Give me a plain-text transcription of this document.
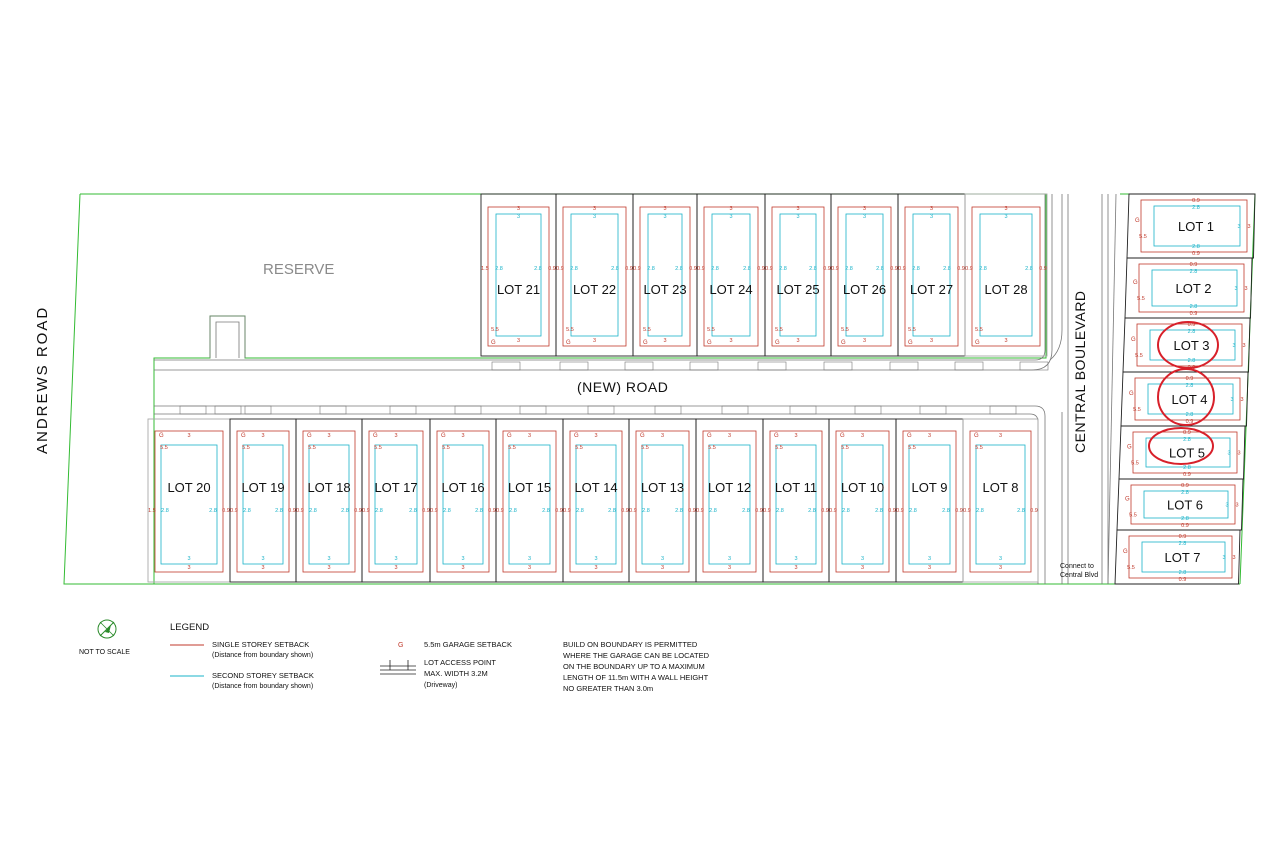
LOT 21
3
3
1.5	0.9
2.8	2.8
5.5
3
G
LOT 22
3
3
0.9	0.9
2.8	2.8
5.5
3
G
LOT 23
3
3
0.9	0.9
2.8	2.8
5.5
3
G
LOT 24
3
3
0.9	0.9
2.8	2.8
5.5
3
G
LOT 25
3
3
0.9	0.9
2.8	2.8
5.5
3
G
LOT 26
3
3
0.9	0.9
2.8	2.8
5.5
3
G
LOT 27
3
3
0.9	0.9
2.8	2.8
5.5
3
G
LOT 28
3
3
0.9	0.9
2.8	2.8
5.5
3
G
LOT 20
G	3
5.5
1.5	0.9
2.8	2.8
3
3
LOT 19
G	3
5.5
0.9	0.9
2.8	2.8
3
3
LOT 18
G	3
5.5
0.9	0.9
2.8	2.8
3
3
LOT 17
G	3
5.5
0.9	0.9
2.8	2.8
3
3
LOT 16
G	3
5.5
0.9	0.9
2.8	2.8
3
3
LOT 15
G	3
5.5
0.9	0.9
2.8	2.8
3
3
LOT 14
G	3
5.5
0.9	0.9
2.8	2.8
3
3
LOT 13
G	3
5.5
0.9	0.9
2.8	2.8
3
3
LOT 12
G	3
5.5
0.9	0.9
2.8	2.8
3
3
LOT 11
G	3
5.5
0.9	0.9
2.8	2.8
3
3
LOT 10
G	3
5.5
0.9	0.9
2.8	2.8
3
3
LOT 9
G	3
5.5
0.9	0.9
2.8	2.8
3
3
LOT 8
G	3
5.5
0.9	0.9
2.8	2.8
3
3
LOT 1
0.9
0.9
2.8
2.8
3
3
5.5
G
LOT 2
0.9
0.9
2.8
2.8
3
3
5.5
G
LOT 3
0.9
0.9
2.8
2.8
3
3
5.5
G
LOT 4
0.9
0.9
2.8
2.8
3
3
5.5
G
LOT 5
0.9
0.9
2.8
2.8
3
3
5.5
G
LOT 6
0.9
0.9
2.8
2.8
3
3
5.5
G
LOT 7
0.9
0.9
2.8
2.8
3
3
5.5
G
RESERVE
ANDREWS ROAD	(NEW) ROAD	CENTRAL BOULEVARD
Connect to
Central Blvd
NOT TO SCALE
LEGEND
SINGLE STOREY SETBACK
(Distance from boundary shown)
SECOND STOREY SETBACK
(Distance from boundary shown)
G	5.5m GARAGE SETBACK
LOT ACCESS POINT
MAX. WIDTH 3.2M
(Driveway)
BUILD ON BOUNDARY IS PERMITTED
WHERE THE GARAGE CAN BE LOCATED
ON THE BOUNDARY UP TO A MAXIMUM
LENGTH OF 11.5m WITH A WALL HEIGHT
NO GREATER THAN 3.0m
